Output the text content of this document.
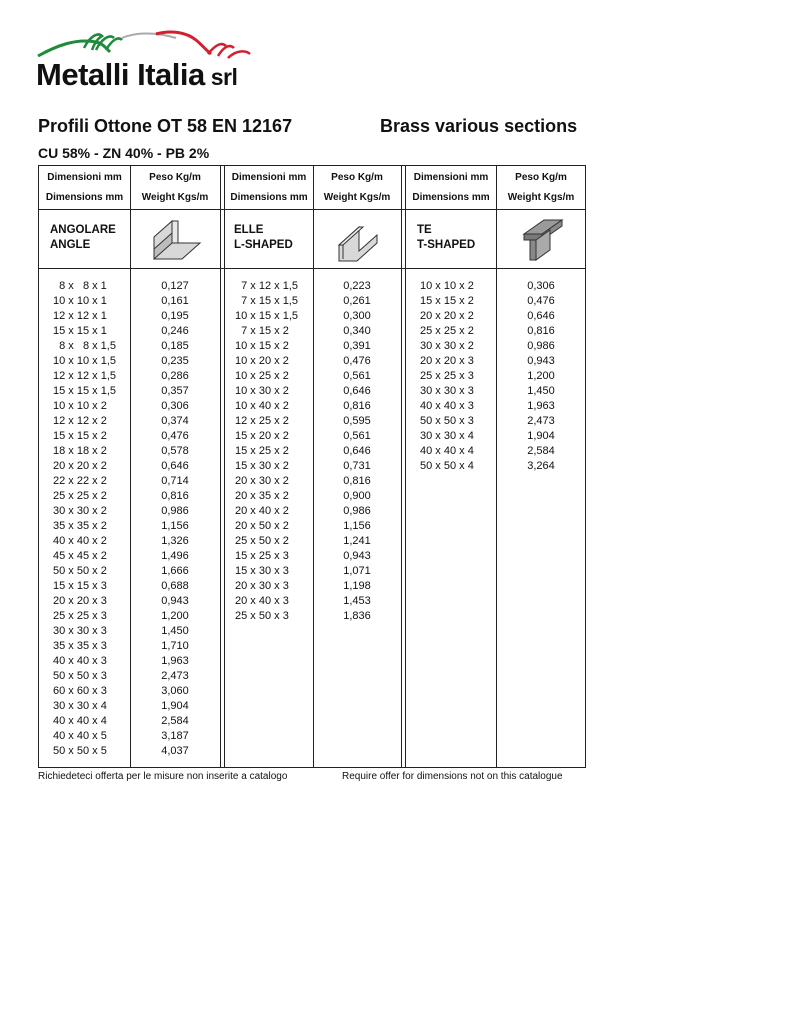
Metalli Italia srl
Profili Ottone OT 58 EN 12167	Brass various sections
CU 58% - ZN 40% - PB 2%
Dimensioni mm
Dimensions mm
Peso Kg/m
Weight Kgs/m
Dimensioni mm
Dimensions mm
Peso Kg/m
Weight Kgs/m
Dimensioni mm
Dimensions mm
Peso Kg/m
Weight Kgs/m
ANGOLARE
ANGLE
ELLE
L-SHAPED
TE
T-SHAPED
8 x   8 x 1
10 x 10 x 1
12 x 12 x 1
15 x 15 x 1
8 x   8 x 1,5
10 x 10 x 1,5
12 x 12 x 1,5
15 x 15 x 1,5
10 x 10 x 2
12 x 12 x 2
15 x 15 x 2
18 x 18 x 2
20 x 20 x 2
22 x 22 x 2
25 x 25 x 2
30 x 30 x 2
35 x 35 x 2
40 x 40 x 2
45 x 45 x 2
50 x 50 x 2
15 x 15 x 3
20 x 20 x 3
25 x 25 x 3
30 x 30 x 3
35 x 35 x 3
40 x 40 x 3
50 x 50 x 3
60 x 60 x 3
30 x 30 x 4
40 x 40 x 4
40 x 40 x 5
50 x 50 x 5
0,127
0,161
0,195
0,246
0,185
0,235
0,286
0,357
0,306
0,374
0,476
0,578
0,646
0,714
0,816
0,986
1,156
1,326
1,496
1,666
0,688
0,943
1,200
1,450
1,710
1,963
2,473
3,060
1,904
2,584
3,187
4,037
7 x 12 x 1,5
7 x 15 x 1,5
10 x 15 x 1,5
7 x 15 x 2
10 x 15 x 2
10 x 20 x 2
10 x 25 x 2
10 x 30 x 2
10 x 40 x 2
12 x 25 x 2
15 x 20 x 2
15 x 25 x 2
15 x 30 x 2
20 x 30 x 2
20 x 35 x 2
20 x 40 x 2
20 x 50 x 2
25 x 50 x 2
15 x 25 x 3
15 x 30 x 3
20 x 30 x 3
20 x 40 x 3
25 x 50 x 3
0,223
0,261
0,300
0,340
0,391
0,476
0,561
0,646
0,816
0,595
0,561
0,646
0,731
0,816
0,900
0,986
1,156
1,241
0,943
1,071
1,198
1,453
1,836
10 x 10 x 2
15 x 15 x 2
20 x 20 x 2
25 x 25 x 2
30 x 30 x 2
20 x 20 x 3
25 x 25 x 3
30 x 30 x 3
40 x 40 x 3
50 x 50 x 3
30 x 30 x 4
40 x 40 x 4
50 x 50 x 4
0,306
0,476
0,646
0,816
0,986
0,943
1,200
1,450
1,963
2,473
1,904
2,584
3,264
Richiedeteci offerta per le misure non inserite a catalogo	Require offer for dimensions not on this catalogue
